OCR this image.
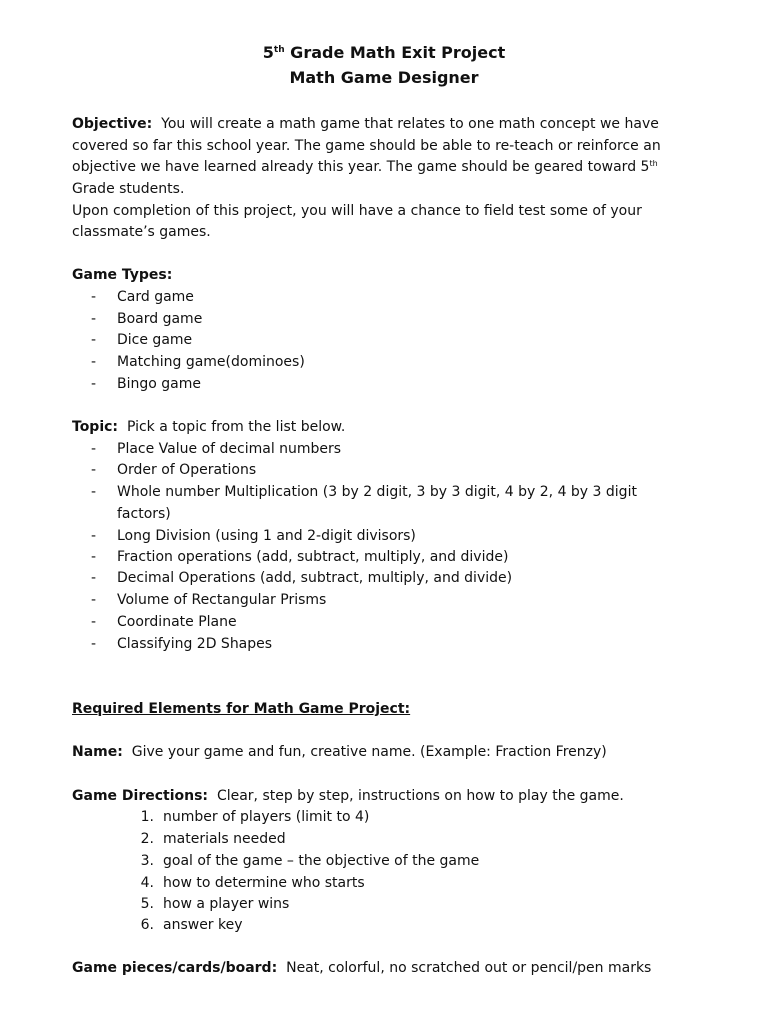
5th Grade Math Exit Project
Math Game Designer
Objective: You will create a math game that relates to one math concept we have
covered so far this school year. The game should be able to re-teach or reinforce an
objective we have learned already this year. The game should be geared toward 5th
Grade students.
Upon completion of this project, you will have a chance to field test some of your
classmate’s games.
Game Types:
- Card game
- Board game
- Dice game
- Matching game(dominoes)
- Bingo game
Topic: Pick a topic from the list below.
- Place Value of decimal numbers
- Order of Operations
- Whole number Multiplication (3 by 2 digit, 3 by 3 digit, 4 by 2, 4 by 3 digit
factors)
- Long Division (using 1 and 2-digit divisors)
- Fraction operations (add, subtract, multiply, and divide)
- Decimal Operations (add, subtract, multiply, and divide)
- Volume of Rectangular Prisms
- Coordinate Plane
- Classifying 2D Shapes
Required Elements for Math Game Project:
Name: Give your game and fun, creative name. (Example: Fraction Frenzy)
Game Directions: Clear, step by step, instructions on how to play the game.
1. number of players (limit to 4)
2. materials needed
3. goal of the game – the objective of the game
4. how to determine who starts
5. how a player wins
6. answer key
Game pieces/cards/board: Neat, colorful, no scratched out or pencil/pen marks
